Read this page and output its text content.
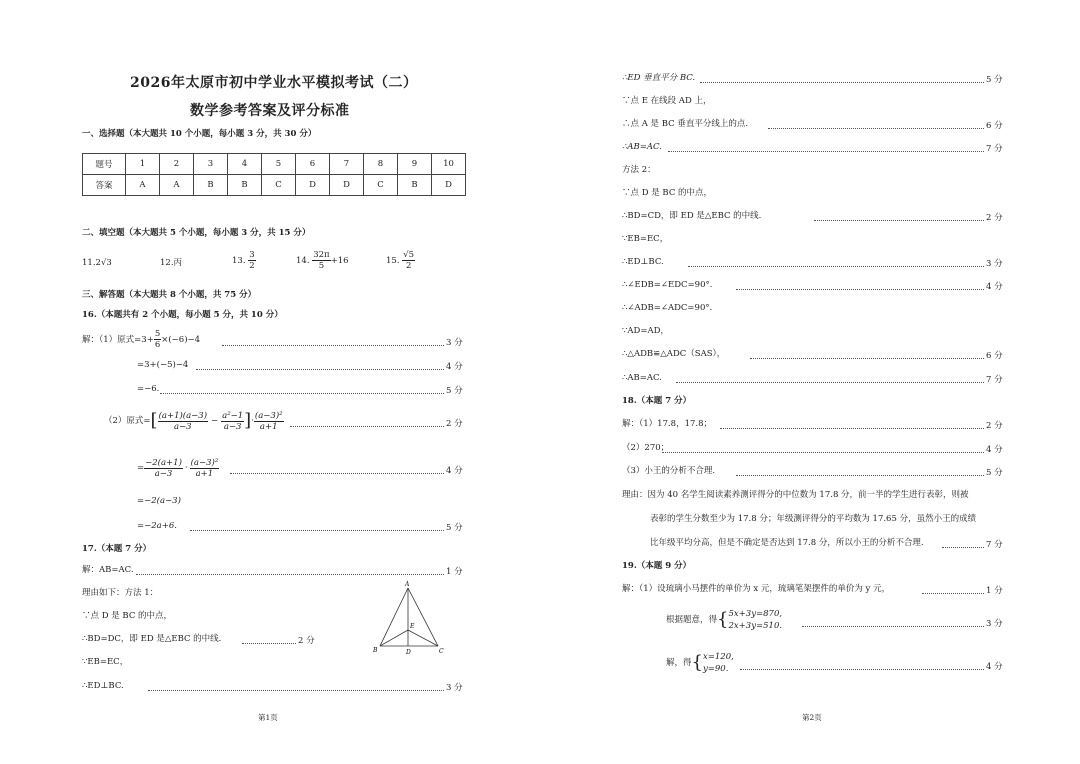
2026年太原市初中学业水平模拟考试（二）
数学参考答案及评分标准
一、选择题（本大题共 10 个小题，每小题 3 分，共 30 分）
题号	1	2	3	4	5	6	7	8	9	10
答案	A	A	B	B	C	D	D	C	B	D
二、填空题（本大题共 5 个小题，每小题 3 分，共 15 分）
11.2√3	12.丙	13. $\frac{3}{2}$	14. $\frac{32\pi}{5} +16$	15. $\frac{√5}{2}$
三、解答题（本大题共 8 个小题，共 75 分）
16.（本题共有 2 个小题，每小题 5 分，共 10 分）
解：（1）原式$=3+ \frac{5}{6} \times(-6)-4$	3 分
=3+(−5)−4	4 分
=−6.	5 分
（2）原式= [ $\frac{(a+1)(a-3)}{a-3} - \frac{\text{a²−1}}{a-3}$ ] · $\frac{\text{(a−3)²}}{a+1}$	2 分
= $\frac{-2(a+1)}{a-3} \cdot \frac{\text{(a−3)²}}{a+1}$	4 分
=−2(a−3)
=−2a+6.	5 分
17.（本题 7 分）
解：AB=AC.	1 分
理由如下：方法 1：
∵点 D 是 BC 的中点，
∴BD=DC，即 ED 是△EBC 的中线.	2 分
∵EB=EC，
∴ED⊥BC.	3 分
A
B	C
D
E
第1页
∴ED 垂直平分 BC.	5 分
∵点 E 在线段 AD 上，
∴点 A 是 BC 垂直平分线上的点.	6 分
∴AB=AC.	7 分
方法 2：
∵点 D 是 BC 的中点，
∴BD=CD，即 ED 是△EBC 的中线.	2 分
∵EB=EC，
∴ED⊥BC.	3 分
∴∠EDB=∠EDC=90°.	4 分
∴∠ADB=∠ADC=90°.
∵AD=AD，
∴△ADB≌△ADC（SAS），	6 分
∴AB=AC.	7 分
18.（本题 7 分）
解：（1）17.8，17.8；	2 分
（2）270；	4 分
（3）小王的分析不合理.	5 分
理由：因为 40 名学生阅读素养测评得分的中位数为 17.8 分，前一半的学生进行表彰，则被
表彰的学生分数至少为 17.8 分；年级测评得分的平均数为 17.65 分，虽然小王的成绩
比年级平均分高，但是不确定是否达到 17.8 分，所以小王的分析不合理.	7 分
19.（本题 9 分）
解：（1）设琉璃小马摆件的单价为 x 元，琉璃笔架摆件的单价为 y 元，	1 分
根据题意，得 { 5x+3y=870,
2x+3y=510.	3 分
解，得 { x=120,
y=90.	4 分
第2页
